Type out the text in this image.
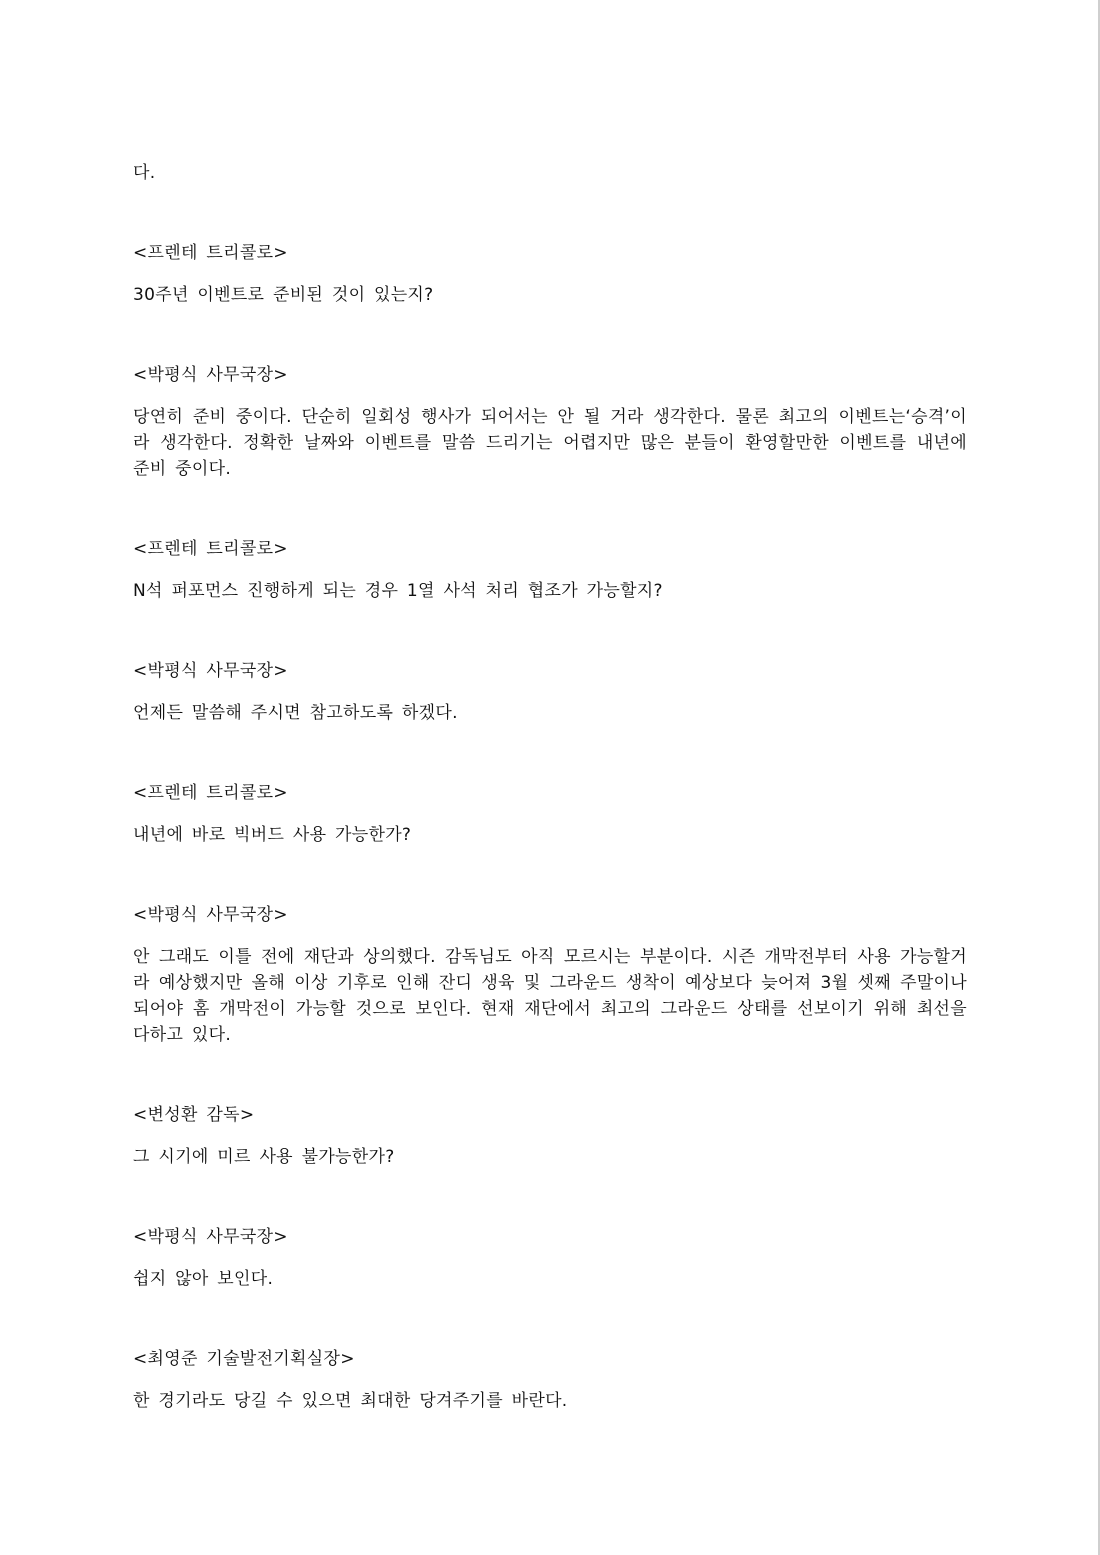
다.

<프렌테 트리콜로>

30주년 이벤트로 준비된 것이 있는지?

<박평식 사무국장>

당연히 준비 중이다. 단순히 일회성 행사가 되어서는 안 될 거라 생각한다. 물론 최고의 이벤트는‘승격’이라 생각한다. 정확한 날짜와 이벤트를 말씀 드리기는 어렵지만 많은 분들이 환영할만한 이벤트를 내년에 준비 중이다.

<프렌테 트리콜로>

N석 퍼포먼스 진행하게 되는 경우 1열 사석 처리 협조가 가능할지?

<박평식 사무국장>

언제든 말씀해 주시면 참고하도록 하겠다.

<프렌테 트리콜로>

내년에 바로 빅버드 사용 가능한가?

<박평식 사무국장>

안 그래도 이틀 전에 재단과 상의했다. 감독님도 아직 모르시는 부분이다. 시즌 개막전부터 사용 가능할거라 예상했지만 올해 이상 기후로 인해 잔디 생육 및 그라운드 생착이 예상보다 늦어져 3월 셋째 주말이나 되어야 홈 개막전이 가능할 것으로 보인다. 현재 재단에서 최고의 그라운드 상태를 선보이기 위해 최선을 다하고 있다.

<변성환 감독>

그 시기에 미르 사용 불가능한가?

<박평식 사무국장>

쉽지 않아 보인다.

<최영준 기술발전기획실장>

한 경기라도 당길 수 있으면 최대한 당겨주기를 바란다.
